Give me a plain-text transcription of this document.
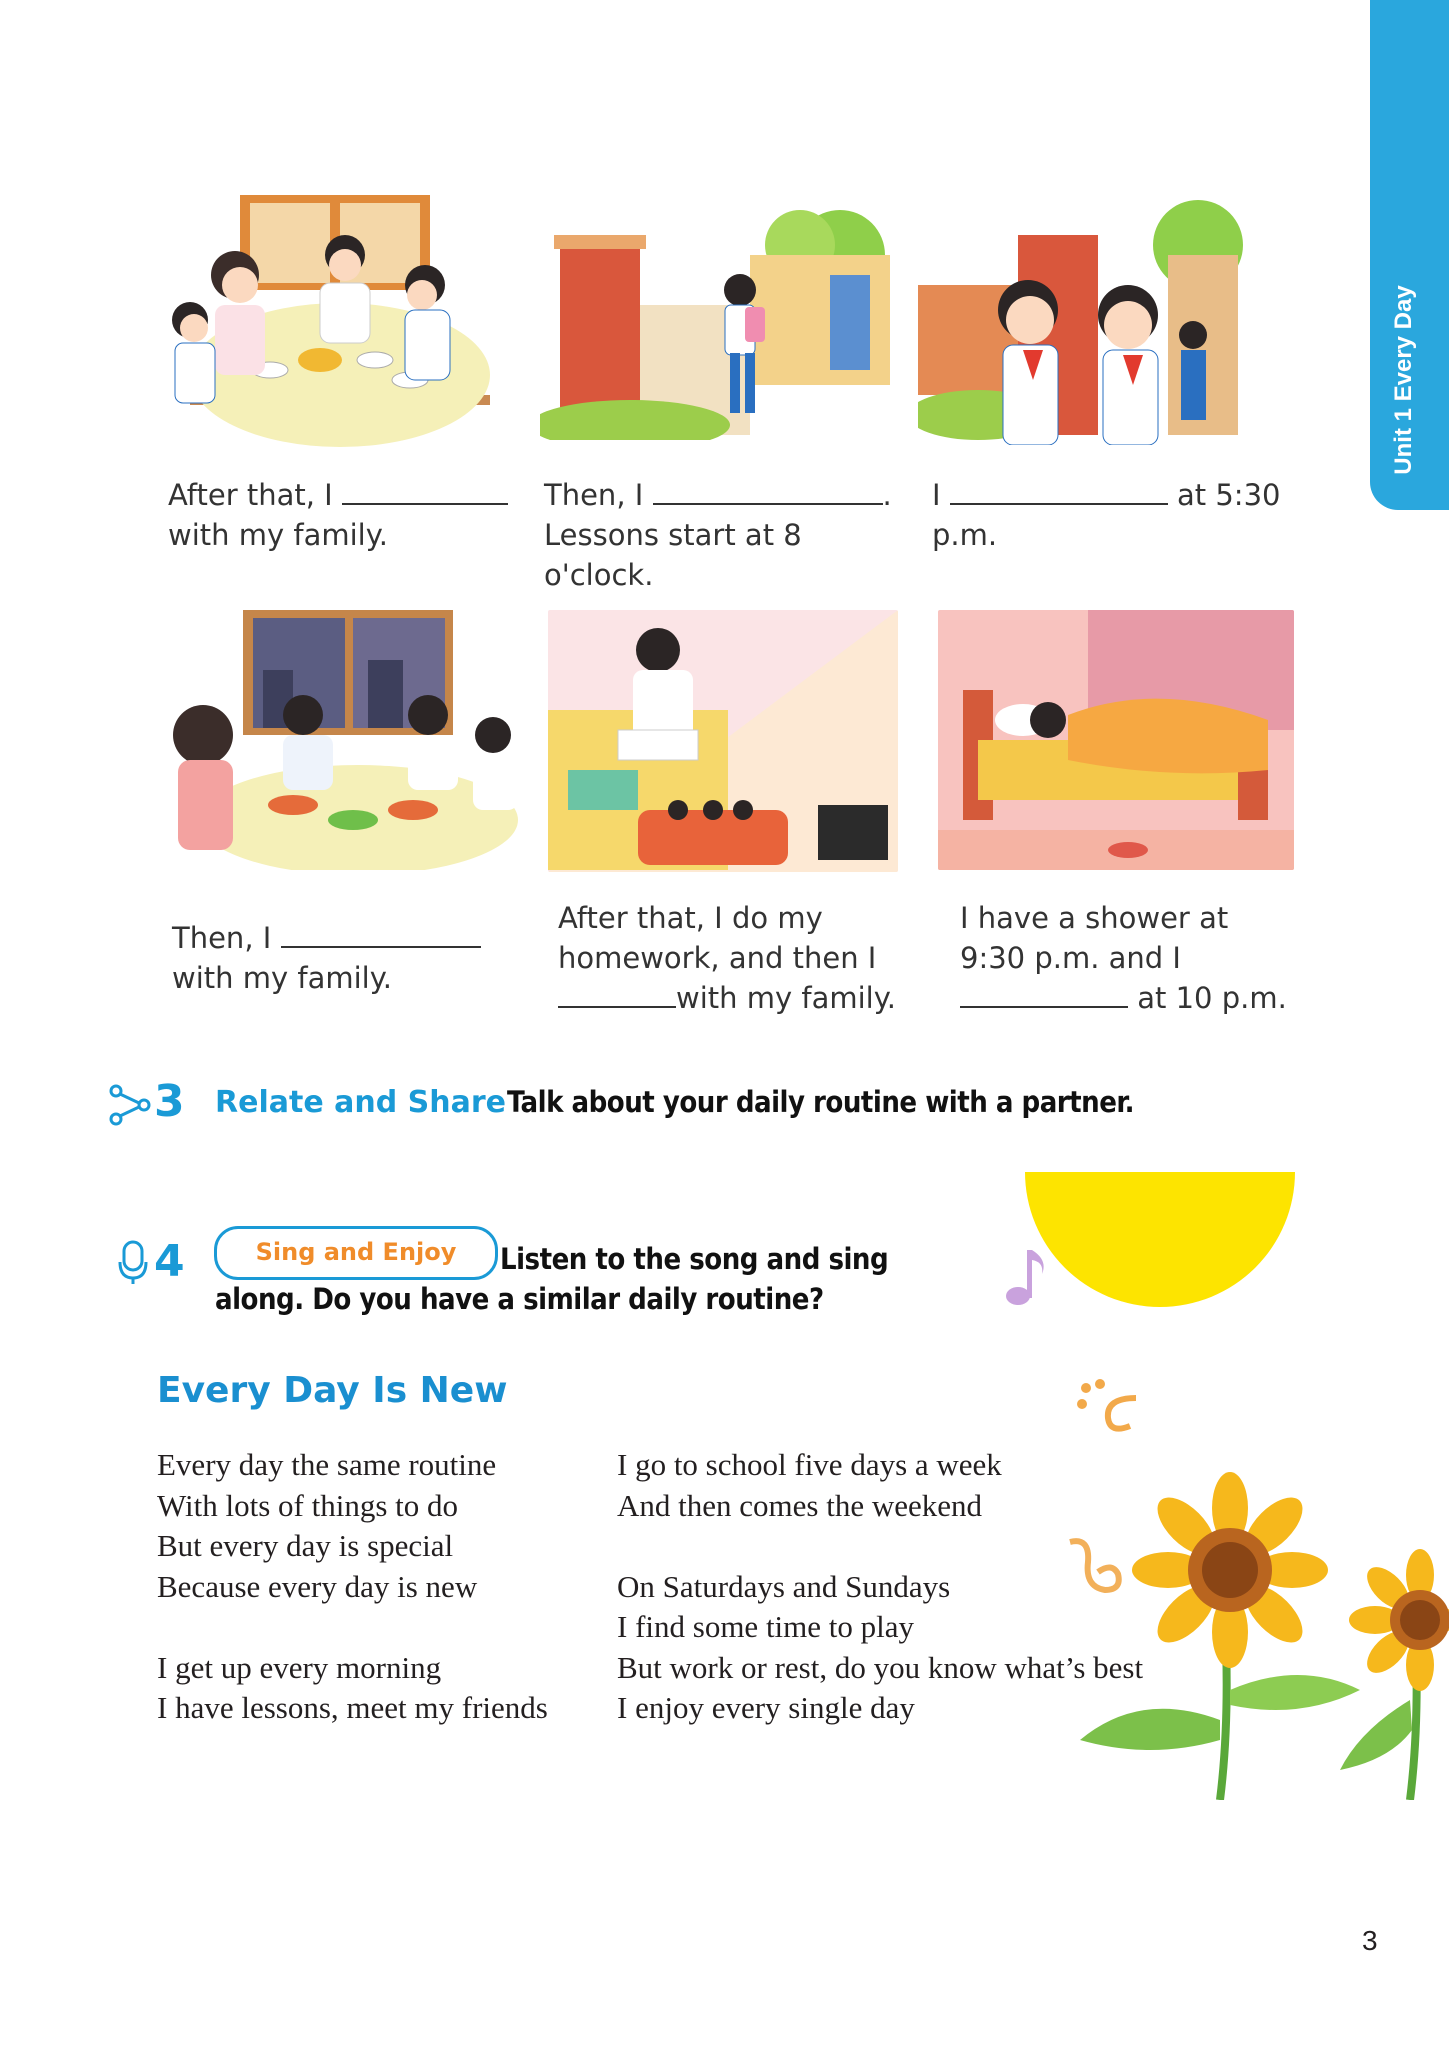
Unit 1 Every Day
After that, I
with my family.
Then, I	.
Lessons start at 8 o'clock.
I	at 5:30
p.m.
Then, I
with my family.
After that, I do my
homework, and then I
with my family.
I have a shower at
9:30 p.m. and I
at 10 p.m.
3 Relate and Share Talk about your daily routine with a partner.
4	Sing and Enjoy	Listen to the song and sing
along. Do you have a similar daily routine?
Every Day Is New
Every day the same routine
With lots of things to do
But every day is special
Because every day is new
I get up every morning
I have lessons, meet my friends
I go to school five days a week
And then comes the weekend
On Saturdays and Sundays
I find some time to play
But work or rest, do you know what’s best
I enjoy every single day
3
